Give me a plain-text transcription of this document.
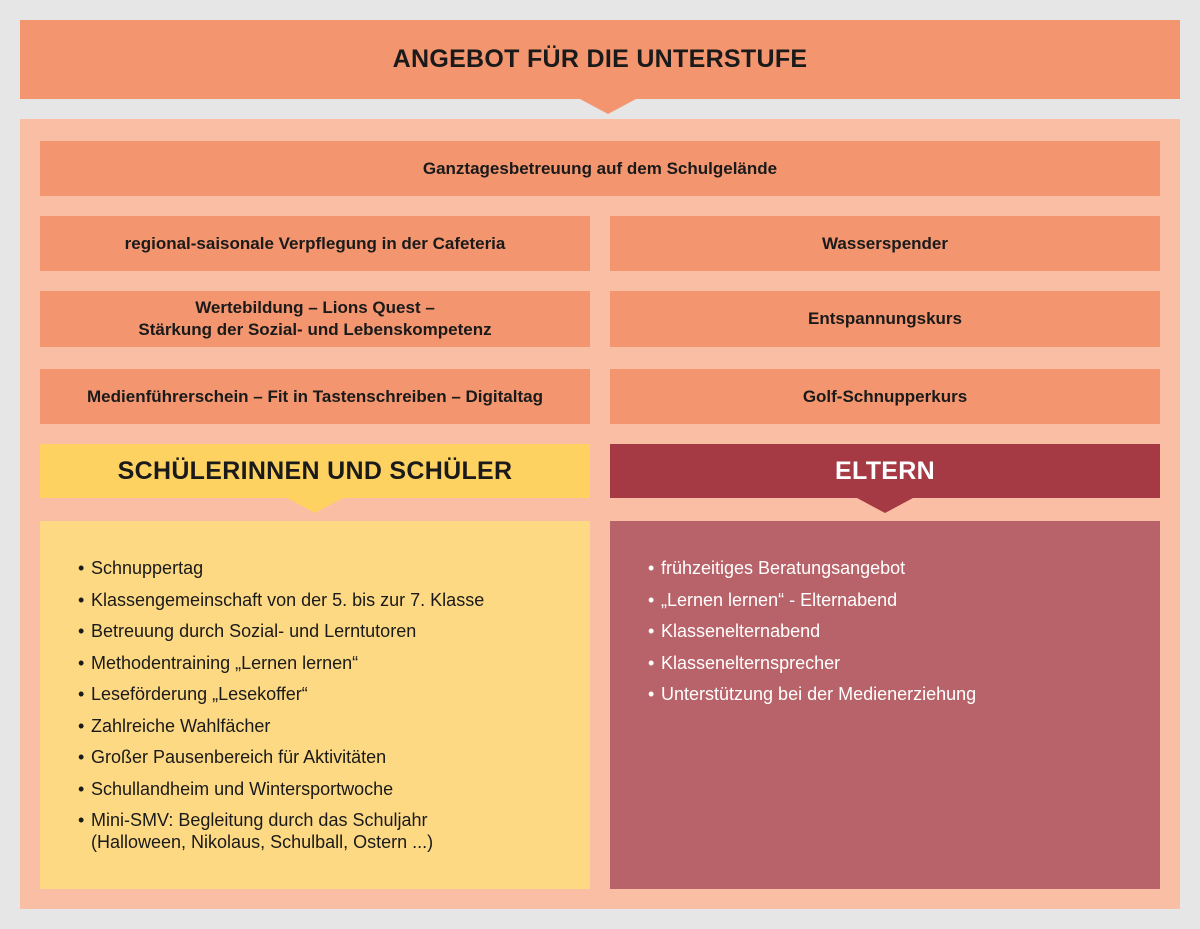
ANGEBOT FÜR DIE UNTERSTUFE
Ganztagesbetreuung auf dem Schulgelände
regional-saisonale Verpflegung in der Cafeteria	Wasserspender
Wertebildung – Lions Quest –
Stärkung der Sozial- und Lebenskompetenz
Entspannungskurs
Medienführerschein – Fit in Tastenschreiben – Digitaltag	Golf-Schnupperkurs
SCHÜLERINNEN UND SCHÜLER	ELTERN
• Schnuppertag
• Klassengemeinschaft von der 5. bis zur 7. Klasse
• Betreuung durch Sozial- und Lerntutoren
• Methodentraining „Lernen lernen“
• Leseförderung „Lesekoffer“
• Zahlreiche Wahlfächer
• Großer Pausenbereich für Aktivitäten
• Schullandheim und Wintersportwoche
• Mini-SMV: Begleitung durch das Schuljahr
(Halloween, Nikolaus, Schulball, Ostern ...)
• frühzeitiges Beratungsangebot
• „Lernen lernen“ - Elternabend
• Klassenelternabend
• Klassenelternsprecher
• Unterstützung bei der Medienerziehung
